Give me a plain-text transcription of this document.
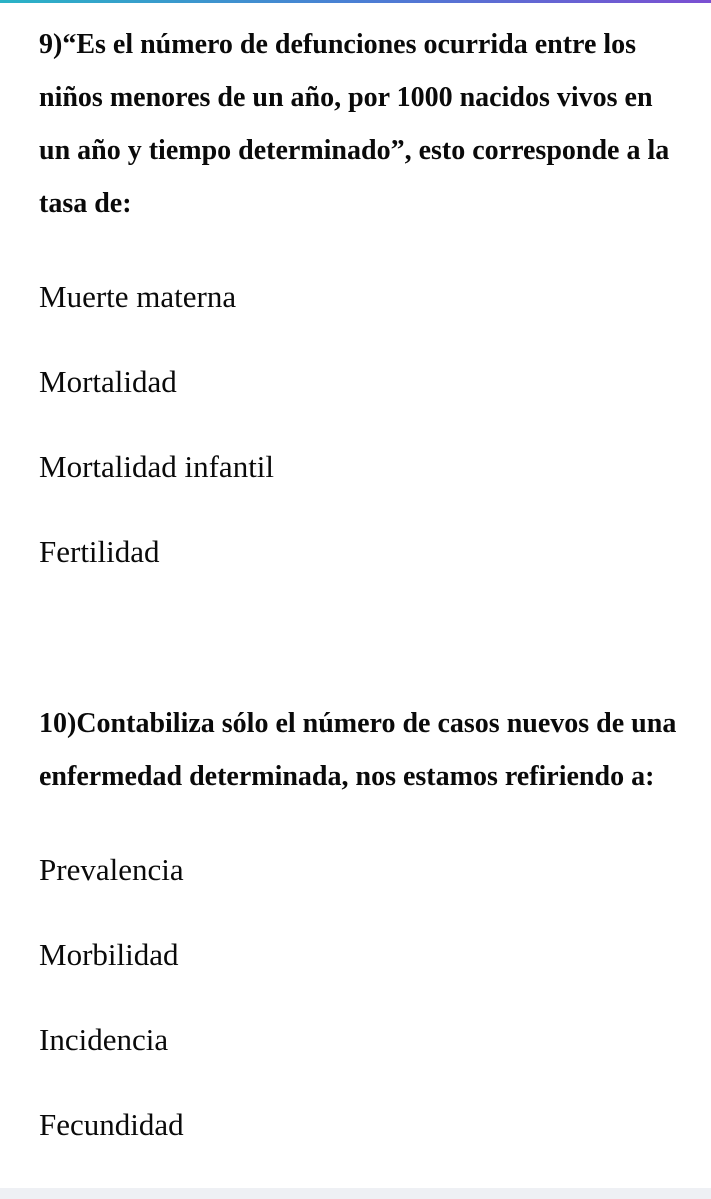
9)“Es el número de defunciones ocurrida entre los niños menores de un año, por 1000 nacidos vivos en un año y tiempo determinado”, esto corresponde a la tasa de:

Muerte materna
Mortalidad
Mortalidad infantil
Fertilidad

10)Contabiliza sólo el número de casos nuevos de una enfermedad determinada, nos estamos refiriendo a:

Prevalencia
Morbilidad
Incidencia
Fecundidad
